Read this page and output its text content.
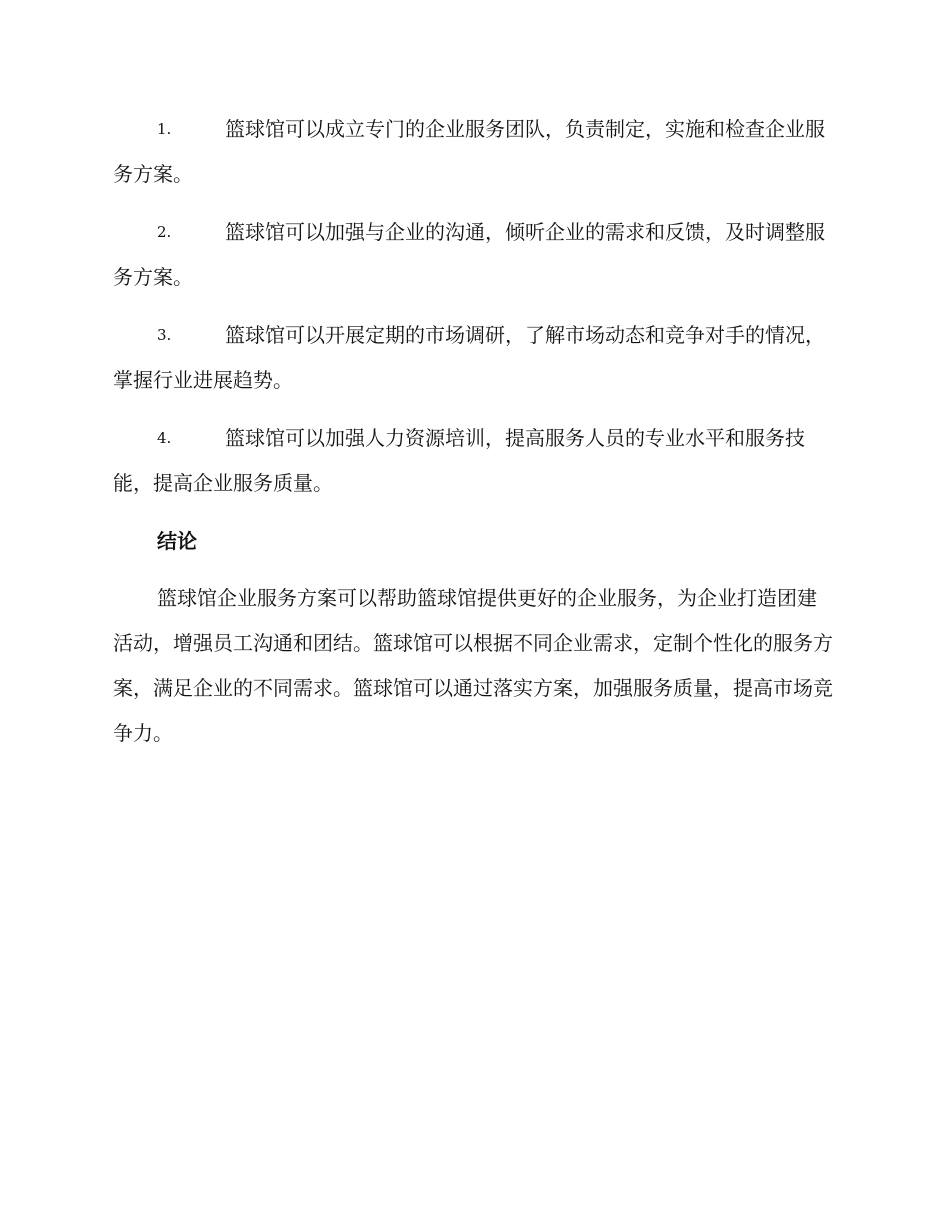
1.	篮球馆可以成立专门的企业服务团队，负责制定，实施和检查企业服务方案。
2.	篮球馆可以加强与企业的沟通，倾听企业的需求和反馈，及时调整服务方案。
3.	篮球馆可以开展定期的市场调研，了解市场动态和竞争对手的情况，掌握行业进展趋势。
4.	篮球馆可以加强人力资源培训，提高服务人员的专业水平和服务技能，提高企业服务质量。
结论

篮球馆企业服务方案可以帮助篮球馆提供更好的企业服务，为企业打造团建活动，增强员工沟通和团结。篮球馆可以根据不同企业需求，定制个性化的服务方案，满足企业的不同需求。篮球馆可以通过落实方案，加强服务质量，提高市场竞争力。
